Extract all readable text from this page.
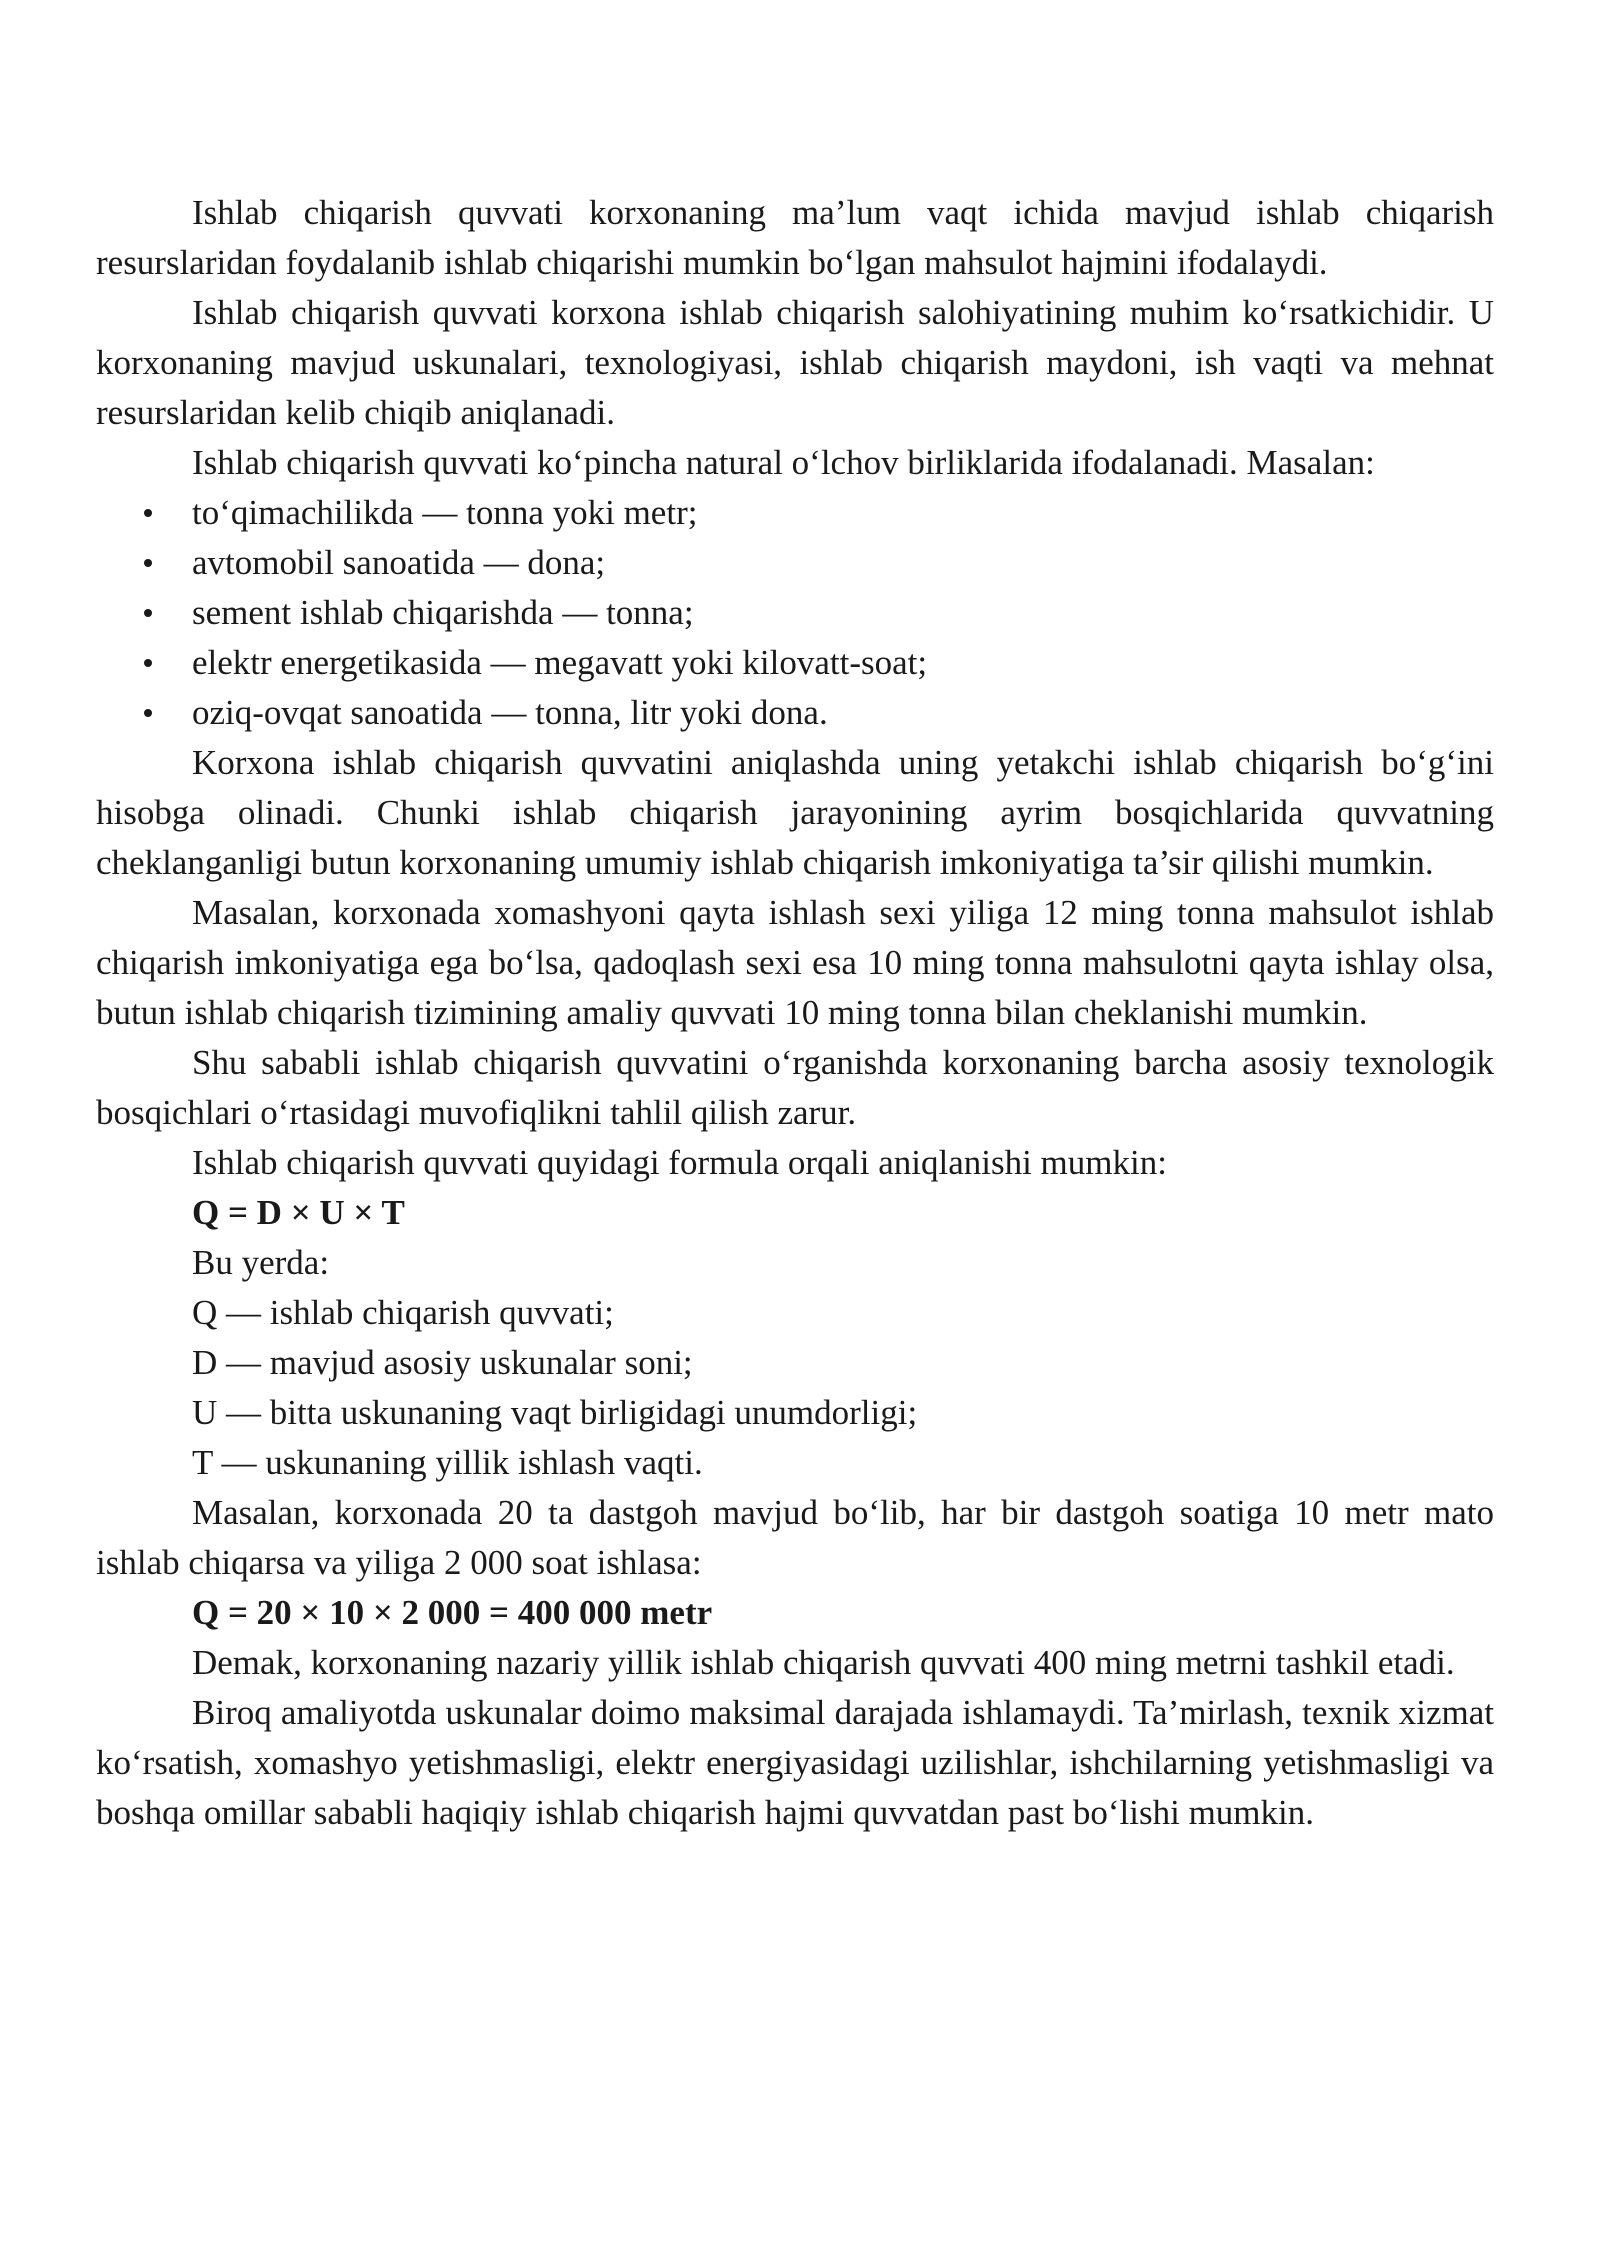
Ishlab chiqarish quvvati korxonaning ma’lum vaqt ichida mavjud ishlab chiqarish resurslaridan foydalanib ishlab chiqarishi mumkin bo‘lgan mahsulot hajmini ifodalaydi.

Ishlab chiqarish quvvati korxona ishlab chiqarish salohiyatining muhim ko‘rsatkichidir. U korxonaning mavjud uskunalari, texnologiyasi, ishlab chiqarish maydoni, ish vaqti va mehnat resurslaridan kelib chiqib aniqlanadi.

Ishlab chiqarish quvvati ko‘pincha natural o‘lchov birliklarida ifodalanadi. Masalan:

to‘qimachilikda — tonna yoki metr;
avtomobil sanoatida — dona;
sement ishlab chiqarishda — tonna;
elektr energetikasida — megavatt yoki kilovatt-soat;
oziq-ovqat sanoatida — tonna, litr yoki dona.

Korxona ishlab chiqarish quvvatini aniqlashda uning yetakchi ishlab chiqarish bo‘g‘ini hisobga olinadi. Chunki ishlab chiqarish jarayonining ayrim bosqichlarida quvvatning cheklanganligi butun korxonaning umumiy ishlab chiqarish imkoniyatiga ta’sir qilishi mumkin.

Masalan, korxonada xomashyoni qayta ishlash sexi yiliga 12 ming tonna mahsulot ishlab chiqarish imkoniyatiga ega bo‘lsa, qadoqlash sexi esa 10 ming tonna mahsulotni qayta ishlay olsa, butun ishlab chiqarish tizimining amaliy quvvati 10 ming tonna bilan cheklanishi mumkin.

Shu sababli ishlab chiqarish quvvatini o‘rganishda korxonaning barcha asosiy texnologik bosqichlari o‘rtasidagi muvofiqlikni tahlil qilish zarur.

Ishlab chiqarish quvvati quyidagi formula orqali aniqlanishi mumkin:

Q = D × U × T

Bu yerda:

Q — ishlab chiqarish quvvati;

D — mavjud asosiy uskunalar soni;

U — bitta uskunaning vaqt birligidagi unumdorligi;

T — uskunaning yillik ishlash vaqti.

Masalan, korxonada 20 ta dastgoh mavjud bo‘lib, har bir dastgoh soatiga 10 metr mato ishlab chiqarsa va yiliga 2 000 soat ishlasa:

Q = 20 × 10 × 2 000 = 400 000 metr

Demak, korxonaning nazariy yillik ishlab chiqarish quvvati 400 ming metrni tashkil etadi.

Biroq amaliyotda uskunalar doimo maksimal darajada ishlamaydi. Ta’mirlash, texnik xizmat ko‘rsatish, xomashyo yetishmasligi, elektr energiyasidagi uzilishlar, ishchilarning yetishmasligi va boshqa omillar sababli haqiqiy ishlab chiqarish hajmi quvvatdan past bo‘lishi mumkin.
